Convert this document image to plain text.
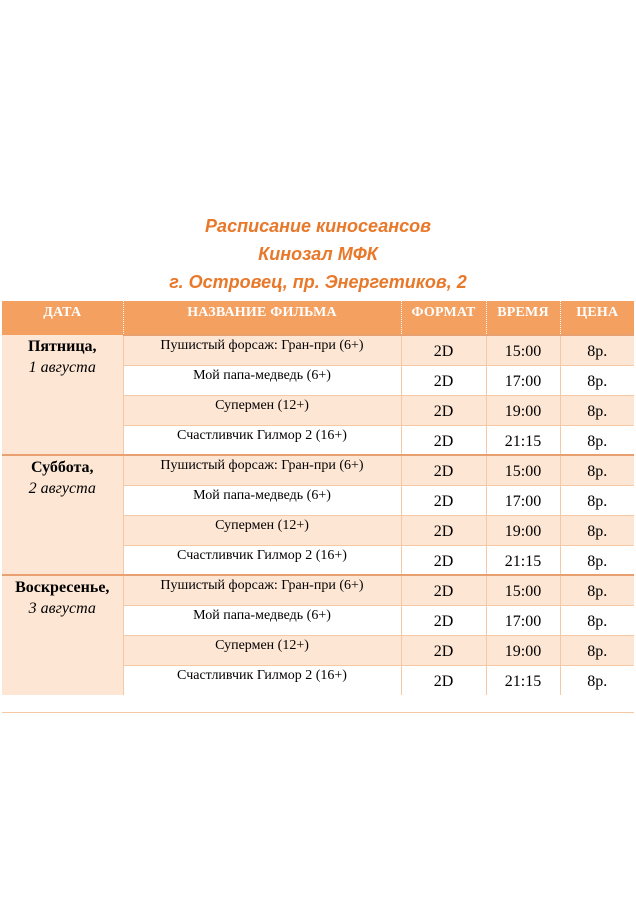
Расписание киносеансов
Кинозал МФК
г. Островец, пр. Энергетиков, 2
ДАТА	НАЗВАНИЕ ФИЛЬМА	ФОРМАТ	ВРЕМЯ	ЦЕНА

Пятница,
1 августа	Пушистый форсаж: Гран-при (6+)	2D	15:00	8р.
	Мой папа-медведь (6+)	2D	17:00	8р.
	Супермен (12+)	2D	19:00	8р.
	Счастливчик Гилмор 2 (16+)	2D	21:15	8р.

Суббота,
2 августа	Пушистый форсаж: Гран-при (6+)	2D	15:00	8р.
	Мой папа-медведь (6+)	2D	17:00	8р.
	Супермен (12+)	2D	19:00	8р.
	Счастливчик Гилмор 2 (16+)	2D	21:15	8р.

Воскресенье,
3 августа	Пушистый форсаж: Гран-при (6+)	2D	15:00	8р.
	Мой папа-медведь (6+)	2D	17:00	8р.
	Супермен (12+)	2D	19:00	8р.
	Счастливчик Гилмор 2 (16+)	2D	21:15	8р.
